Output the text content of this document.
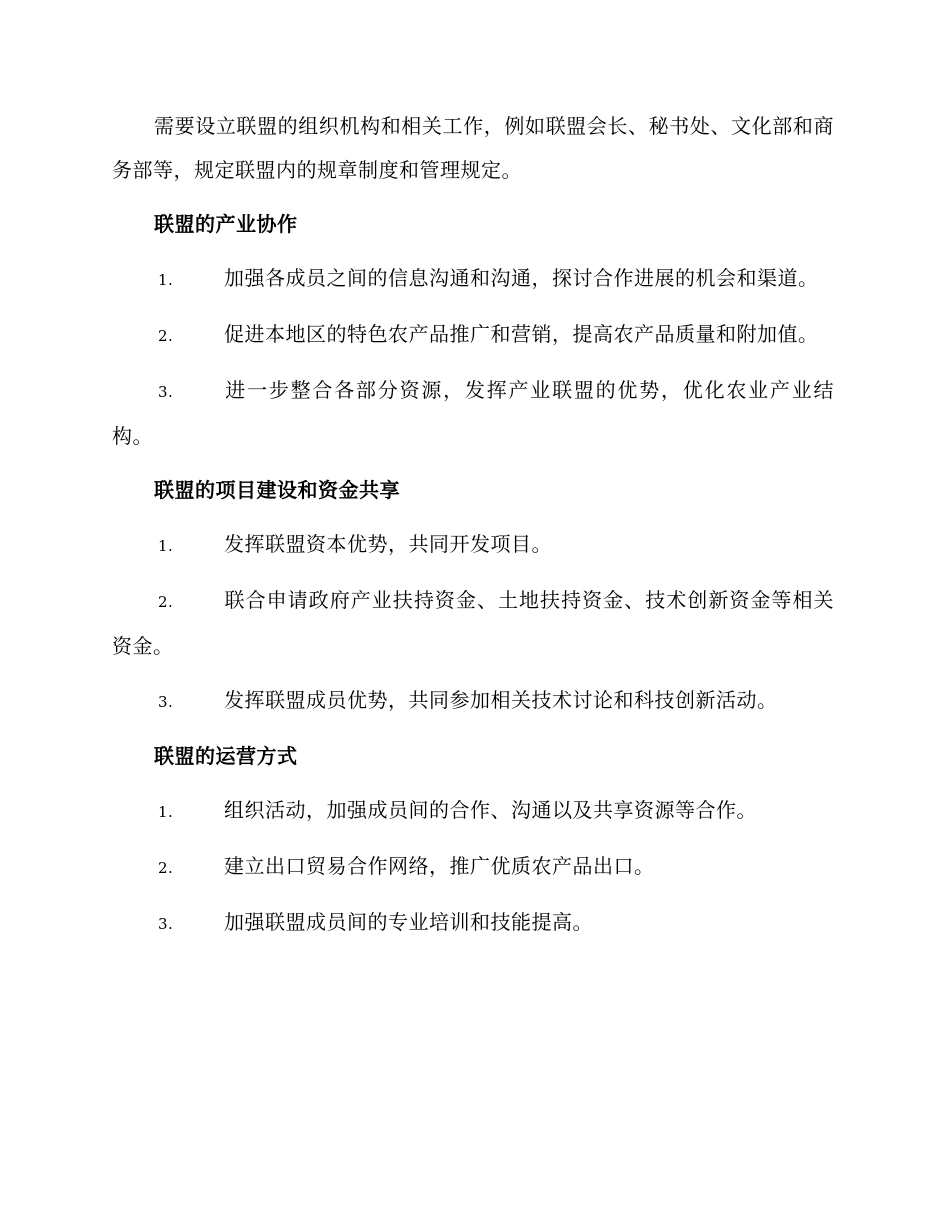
需要设立联盟的组织机构和相关工作，例如联盟会长、秘书处、文化部和商务部等，规定联盟内的规章制度和管理规定。

联盟的产业协作
1.	加强各成员之间的信息沟通和沟通，探讨合作进展的机会和渠道。
2.	促进本地区的特色农产品推广和营销，提高农产品质量和附加值。
3.	进一步整合各部分资源，发挥产业联盟的优势，优化农业产业结构。
联盟的项目建设和资金共享
1.	发挥联盟资本优势，共同开发项目。
2.	联合申请政府产业扶持资金、土地扶持资金、技术创新资金等相关资金。
3.	发挥联盟成员优势，共同参加相关技术讨论和科技创新活动。
联盟的运营方式
1.	组织活动，加强成员间的合作、沟通以及共享资源等合作。
2.	建立出口贸易合作网络，推广优质农产品出口。
3.	加强联盟成员间的专业培训和技能提高。
